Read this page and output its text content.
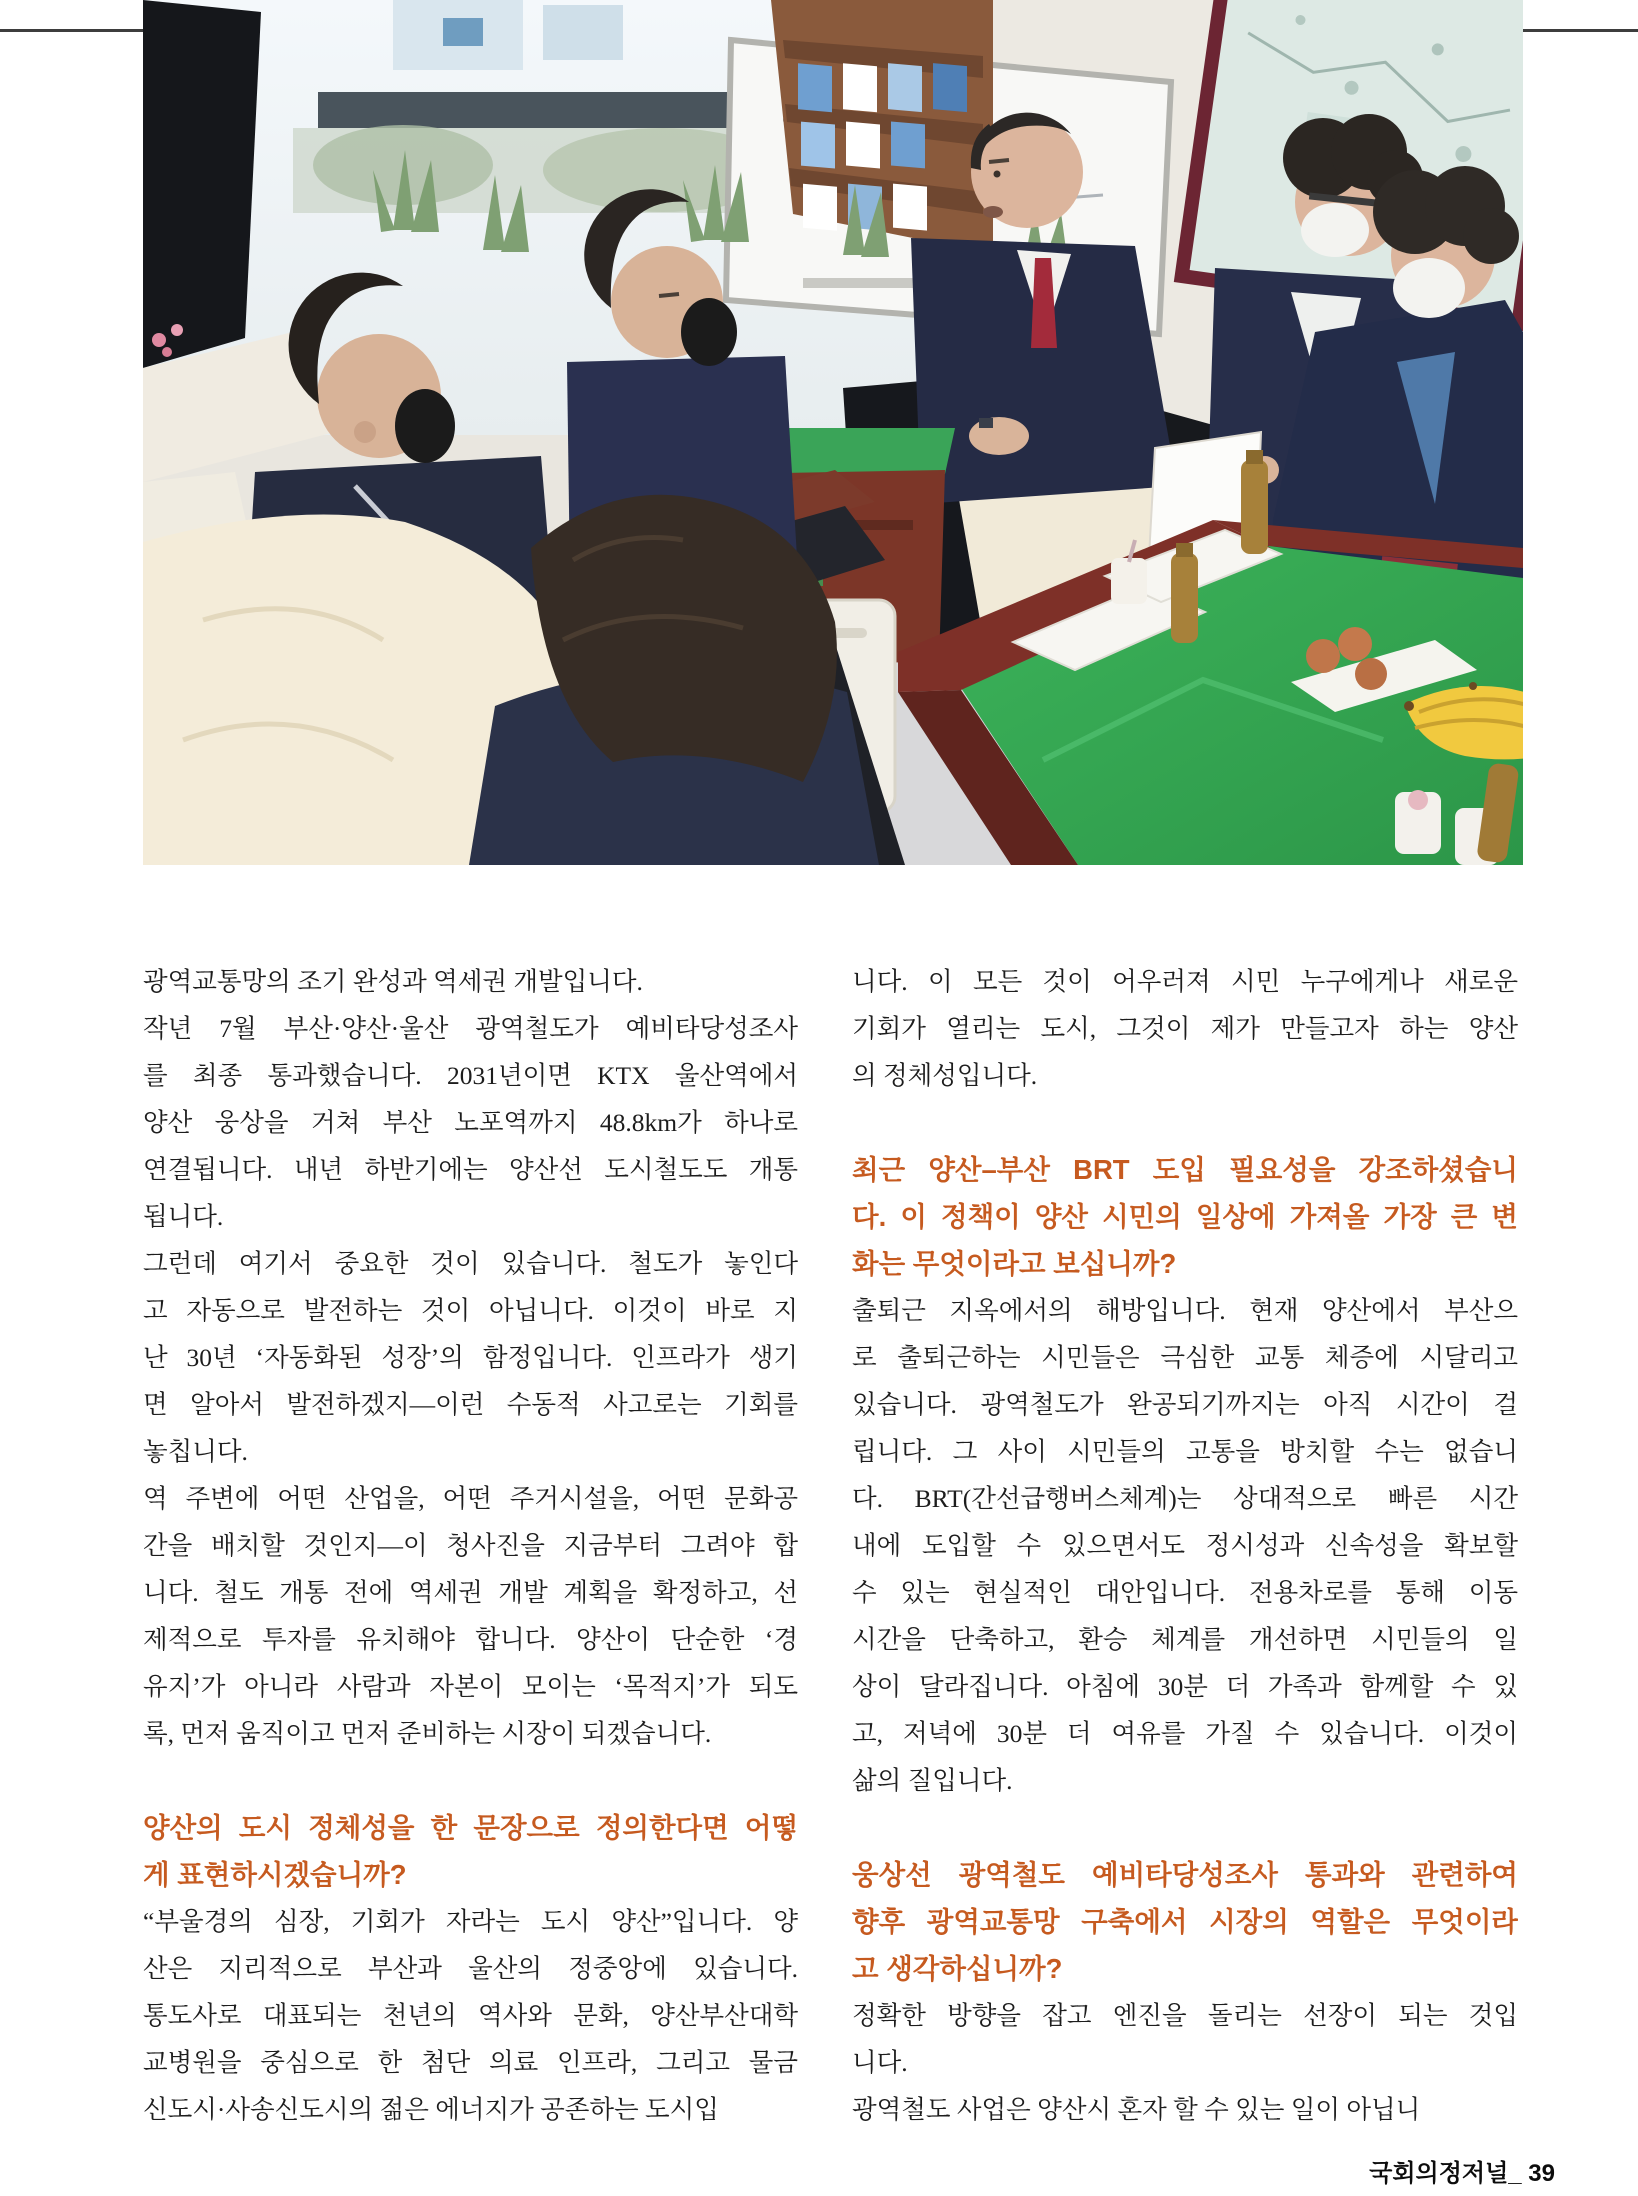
광역교통망의 조기 완성과 역세권 개발입니다.
작년 7월 부산·양산·울산 광역철도가 예비타당성조사
를 최종 통과했습니다. 2031년이면 KTX 울산역에서
양산 웅상을 거쳐 부산 노포역까지 48.8km가 하나로
연결됩니다. 내년 하반기에는 양산선 도시철도도 개통
됩니다.
그런데 여기서 중요한 것이 있습니다. 철도가 놓인다
고 자동으로 발전하는 것이 아닙니다. 이것이 바로 지
난 30년 ‘자동화된 성장’의 함정입니다. 인프라가 생기
면 알아서 발전하겠지—이런 수동적 사고로는 기회를
놓칩니다.
역 주변에 어떤 산업을, 어떤 주거시설을, 어떤 문화공
간을 배치할 것인지—이 청사진을 지금부터 그려야 합
니다. 철도 개통 전에 역세권 개발 계획을 확정하고, 선
제적으로 투자를 유치해야 합니다. 양산이 단순한 ‘경
유지’가 아니라 사람과 자본이 모이는 ‘목적지’가 되도
록, 먼저 움직이고 먼저 준비하는 시장이 되겠습니다.
양산의 도시 정체성을 한 문장으로 정의한다면 어떻
게 표현하시겠습니까?
“부울경의 심장, 기회가 자라는 도시 양산”입니다. 양
산은 지리적으로 부산과 울산의 정중앙에 있습니다.
통도사로 대표되는 천년의 역사와 문화, 양산부산대학
교병원을 중심으로 한 첨단 의료 인프라, 그리고 물금
신도시·사송신도시의 젊은 에너지가 공존하는 도시입
니다. 이 모든 것이 어우러져 시민 누구에게나 새로운
기회가 열리는 도시, 그것이 제가 만들고자 하는 양산
의 정체성입니다.
최근 양산–부산 BRT 도입 필요성을 강조하셨습니
다. 이 정책이 양산 시민의 일상에 가져올 가장 큰 변
화는 무엇이라고 보십니까?
출퇴근 지옥에서의 해방입니다. 현재 양산에서 부산으
로 출퇴근하는 시민들은 극심한 교통 체증에 시달리고
있습니다. 광역철도가 완공되기까지는 아직 시간이 걸
립니다. 그 사이 시민들의 고통을 방치할 수는 없습니
다. BRT(간선급행버스체계)는 상대적으로 빠른 시간
내에 도입할 수 있으면서도 정시성과 신속성을 확보할
수 있는 현실적인 대안입니다. 전용차로를 통해 이동
시간을 단축하고, 환승 체계를 개선하면 시민들의 일
상이 달라집니다. 아침에 30분 더 가족과 함께할 수 있
고, 저녁에 30분 더 여유를 가질 수 있습니다. 이것이
삶의 질입니다.
웅상선 광역철도 예비타당성조사 통과와 관련하여
향후 광역교통망 구축에서 시장의 역할은 무엇이라
고 생각하십니까?
정확한 방향을 잡고 엔진을 돌리는 선장이 되는 것입
니다.
광역철도 사업은 양산시 혼자 할 수 있는 일이 아닙니
국회의정저널_ 39
